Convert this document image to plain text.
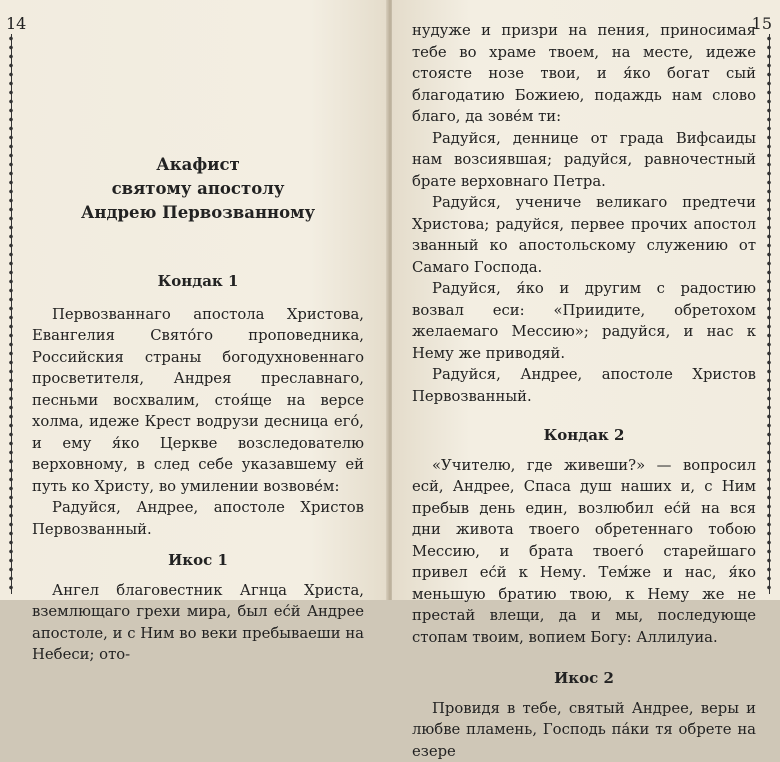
14
Акафист
святому апостолу
Андрею Первозванному
Кондак 1

Первозваннаго апостола Христова, Евангелия Свято́го проповедника, Российския страны богодухновеннаго просветителя, Андрея преславнаго, песньми восхвалим, стоя́ще на версе холма, идеже Крест водрузи десница его́, и ему я́ко Церкве возследователю верховному, в след себе указавшему ей путь ко Христу, во умилении возвове́м:

Радуйся, Андрее, апостоле Христов Первозванный.

Икос 1

Ангел благовестник Агнца Христа, вземлющаго грехи мира, был ес́й Андрее апостоле, и с Ним во веки пребываеши на Небеси; ото-

15

нудуже и призри на пения, приносимая тебе во храме твоем, на месте, идеже стоясте нозе твои, и я́ко богат сый благодатию Божиею, подаждь нам слово благо, да зове́м ти:

Радуйся, деннице от града Вифсаиды нам возсиявшая; радуйся, равночестный брате верховнаго Петра.

Радуйся, учениче великаго предтечи Христова; радуйся, первее прочих апостол званный ко апостольскому служению от Самаго Господа.

Радуйся, я́ко и другим с радостию возвал еси: «Приидите, обретохом желаемаго Мессию»; радуйся, и нас к Нему же приводяй.

Радуйся, Андрее, апостоле Христов Первозванный.

Кондак 2

«Учителю, где живеши?» — вопросил есй, Андрее, Спаса душ наших и, с Ним пребыв день един, возлюбил ес́й на вся дни живота твоего обретеннаго тобою Мессию, и брата твоего́ старейшаго привел ес́й к Нему. Тем́же и нас, я́ко меньшую братию твою, к Нему же не престай влещи, да и мы, последующе стопам твоим, вопием Богу: Аллилуиа.

Икос 2

Провидя в тебе, святый Андрее, веры и любве пламень, Господь па́ки тя обрете на езере
